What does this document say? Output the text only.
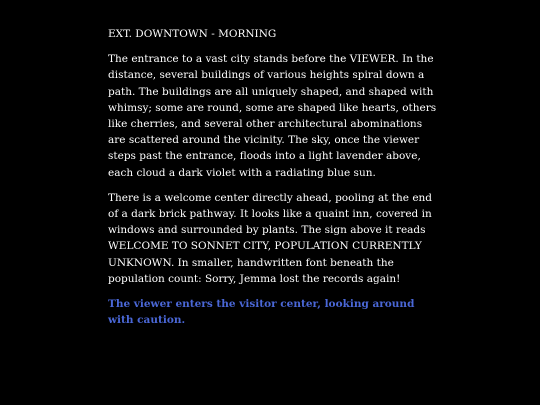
EXT. DOWNTOWN - MORNING
The entrance to a vast city stands before the VIEWER. In the distance, several buildings of various heights spiral down a path. The buildings are all uniquely shaped, and shaped with whimsy; some are round, some are shaped like hearts, others like cherries, and several other architectural abominations are scattered around the vicinity. The sky, once the viewer steps past the entrance, floods into a light lavender above, each cloud a dark violet with a radiating blue sun.
There is a welcome center directly ahead, pooling at the end of a dark brick pathway. It looks like a quaint inn, covered in windows and surrounded by plants. The sign above it reads WELCOME TO SONNET CITY, POPULATION CURRENTLY UNKNOWN. In smaller, handwritten font beneath the population count: Sorry, Jemma lost the records again!
The viewer enters the visitor center, looking around with caution.
